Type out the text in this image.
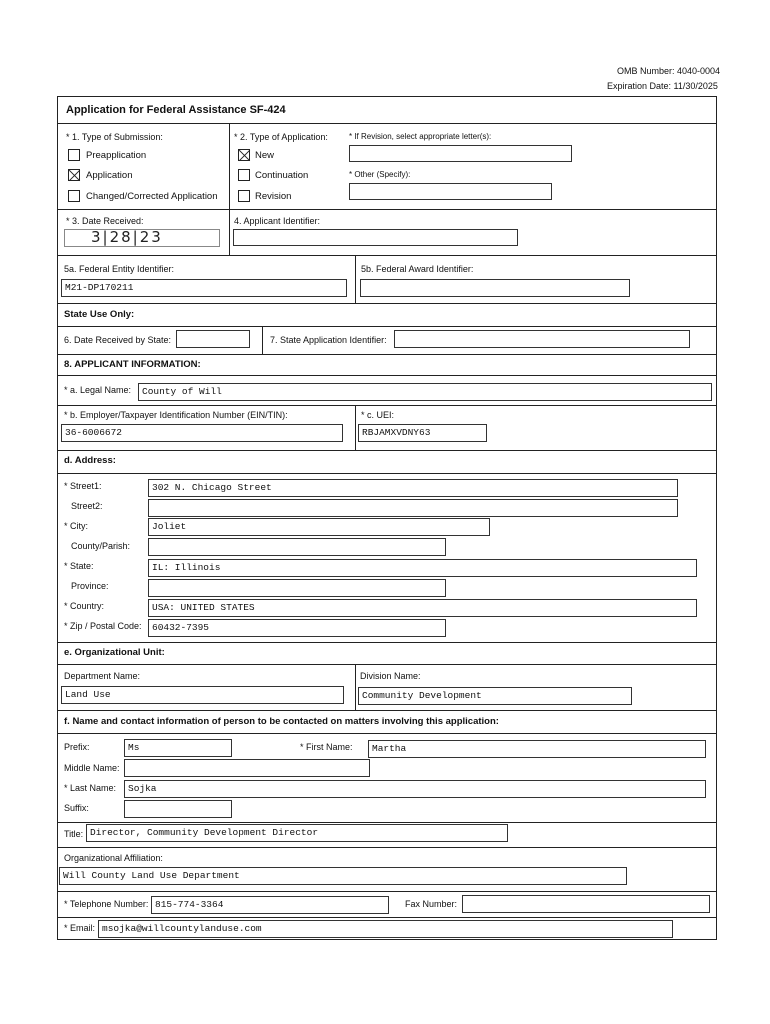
OMB Number: 4040-0004
Expiration Date: 11/30/2025
Application for Federal Assistance SF-424
* 1. Type of Submission:
Preapplication
Application
Changed/Corrected Application
* 2. Type of Application:
New
Continuation
Revision
* If Revision, select appropriate letter(s):
* Other (Specify):
* 3. Date Received:
3|28|23
4. Applicant Identifier:
5a. Federal Entity Identifier:
M21-DP170211
5b. Federal Award Identifier:
State Use Only:
6. Date Received by State:	7. State Application Identifier:
8. APPLICANT INFORMATION:
* a. Legal Name:	County of Will
* b. Employer/Taxpayer Identification Number (EIN/TIN):
36-6006672
* c. UEI:
RBJAMXVDNY63
d. Address:
* Street1:	302 N. Chicago Street
Street2:
* City:	Joliet
County/Parish:
* State:	IL: Illinois
Province:
* Country:	USA: UNITED STATES
* Zip / Postal Code:	60432-7395
e. Organizational Unit:
Department Name:
Land Use
Division Name:
Community Development
f. Name and contact information of person to be contacted on matters involving this application:
Prefix:	Ms	* First Name:	Martha
Middle Name:
* Last Name:	Sojka
Suffix:
Title: Director, Community Development Director
Organizational Affiliation:
Will County Land Use Department
* Telephone Number: 815-774-3364	Fax Number:
* Email: msojka@willcountylanduse.com
